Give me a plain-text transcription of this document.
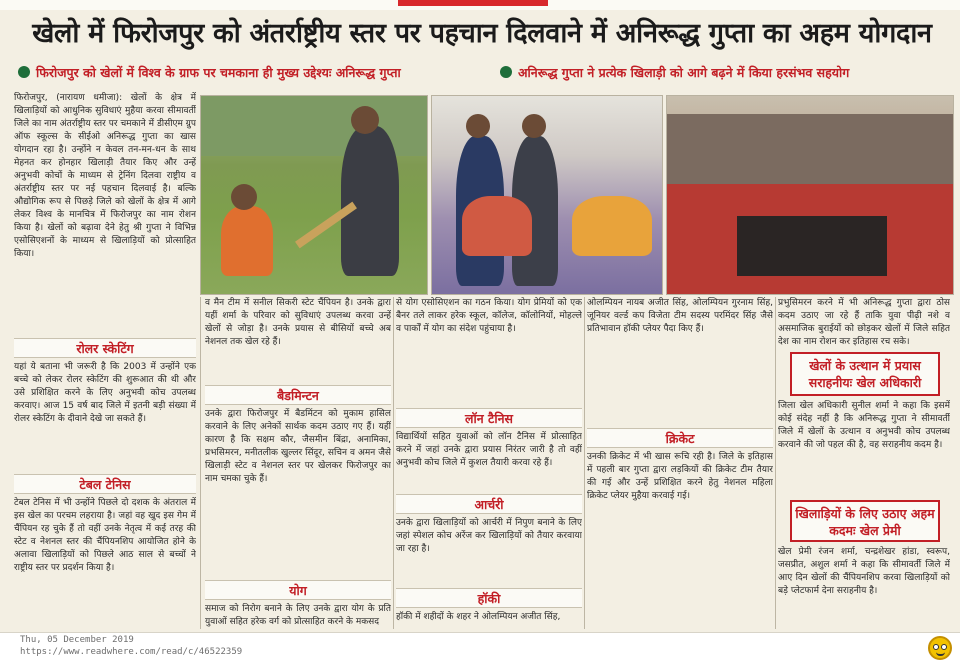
खेलो में फिरोजपुर को अंतर्राष्ट्रीय स्तर पर पहचान दिलवाने में अनिरूद्ध गुप्ता का अहम योगदान
फिरोजपुर को खेलों में विश्व के ग्राफ पर चमकाना ही मुख्य उद्देश्यः अनिरूद्ध गुप्ता	अनिरूद्ध गुप्ता ने प्रत्येक खिलाड़ी को आगे बढ़ने में किया हरसंभव सहयोग

फिरोजपुर, (नारायण धमीजा): खेलों के क्षेत्र में खिलाड़ियों को आधुनिक सुविधाएं मुहैया करवा सीमावर्ती जिले का नाम अंतर्राष्ट्रीय स्तर पर चमकाने में डीसीएम ग्रुप ऑफ स्कूल्स के सीईओ अनिरूद्ध गुप्ता का खास योगदान रहा है। उन्होंने न केवल तन-मन-धन के साथ मेहनत कर होनहार खिलाड़ी तैयार किए और उन्हें अनुभवी कोचों के माध्यम से ट्रेनिंग दिलवा राष्ट्रीय व अंतर्राष्ट्रीय स्तर पर नई पहचान दिलवाई है। बल्कि औद्योगिक रूप से पिछड़े जिले को खेलों के क्षेत्र में आगे लेकर विश्व के मानचित्र में फिरोजपुर का नाम रोशन किया है। खेलों को बढ़ावा देने हेतु श्री गुप्ता ने विभिन्न एसोसिएशनों के माध्यम से खिलाड़ियों को प्रोत्साहित किया।

रोलर स्केटिंग

यहां ये बताना भी जरूरी है कि 2003 में उन्होंने एक बच्चे को लेकर रोलर स्केटिंग की शुरूआत की थी और उसे प्रशिक्षित करने के लिए अनुभवी कोच उपलब्ध करवाए। आज 15 वर्ष बाद जिले में इतनी बड़ी संख्या में रोलर स्केटिंग के दीवाने देखे जा सकते हैं।

टेबल टेनिस

टेबल टेनिस में भी उन्होंने पिछले दो दशक के अंतराल में इस खेल का परचम लहराया है। जहां वह खुद इस गेम में चैंपियन रह चुके हैं तो वहीं उनके नेतृत्व में कई तरह की स्टेट व नेशनल स्तर की चैंपियनशिप आयोजित होने के अलावा खिलाड़ियों को पिछले आठ साल से बच्चों ने राष्ट्रीय स्तर पर प्रदर्शन किया है।

व मैन टीम में सनील सिकरी स्टेट चैंपियन है। उनके द्वारा यहीं शर्मा के परिवार को सुविधाएं उपलब्ध करवा उन्हें खेलों से जोड़ा है। उनके प्रयास से बीसियों बच्चे अब नेशनल तक खेल रहे हैं।

बैडमिन्टन

उनके द्वारा फिरोजपुर में बैडमिंटन को मुकाम हासिल करवाने के लिए अनेकों सार्थक कदम उठाए गए हैं। यहीं कारण है कि सक्षम कौर, जैसमीन बिंद्रा, अनामिका, प्रभसिमरन, मनीतलीक खुल्लर सिंदूर, सचिन व अमन जैसे खिलाड़ी स्टेट व नेशनल स्तर पर खेलकर फिरोजपुर का नाम चमका चुके हैं।

योग

समाज को निरोग बनाने के लिए उनके द्वारा योग के प्रति युवाओं सहित हरेक वर्ग को प्रोत्साहित करने के मकसद

से योग एसोसिएशन का गठन किया। योग प्रेमियों को एक बैनर तले लाकर हरेक स्कूल, कॉलेज, कॉलोनियों, मोहल्ले व पार्कों में योग का संदेश पहुंचाया है।

लॉन टैनिस

विद्यार्थियों सहित युवाओं को लॉन टैनिस में प्रोत्साहित करने में जहां उनके द्वारा प्रयास निरंतर जारी है तो वहीं अनुभवी कोच जिले में कुशल तैयारी करवा रहे हैं।

आर्चरी

उनके द्वारा खिलाड़ियों को आर्चरी में निपुण बनाने के लिए जहां स्पेशल कोच अरेंज कर खिलाड़ियों को तैयार करवाया जा रहा है।

हॉकी

हॉकी में शहीदों के शहर ने ओलम्पियन अजीत सिंह,

ओलम्पियन नायब अजीत सिंह, ओलम्पियन गुरनाम सिंह, जूनियर वर्ल्ड कप विजेता टीम सदस्य परमिंदर सिंह जैसे प्रतिभावान हॉकी प्लेयर पैदा किए हैं।

क्रिकेट

उनकी क्रिकेट में भी खास रूचि रही है। जिले के इतिहास में पहली बार गुप्ता द्वारा लड़कियों की क्रिकेट टीम तैयार की गई और उन्हें प्रशिक्षित करने हेतु नेशनल महिला क्रिकेट प्लेयर मुहैया करवाई गई।

प्रभुसिमरन करने में भी अनिरूद्ध गुप्ता द्वारा ठोस कदम उठाए जा रहे हैं ताकि युवा पीढ़ी नशे व असमाजिक बुराईयों को छोड़कर खेलों में जिले सहित देश का नाम रोशन कर इतिहास रच सके।

खेलों के उत्थान में प्रयास सराहनीयः खेल अधिकारी

जिला खेल अधिकारी सुनील शर्मा ने कहा कि इसमें कोई संदेह नहीं है कि अनिरूद्ध गुप्ता ने सीमावर्ती जिले में खेलों के उत्थान व अनुभवी कोच उपलब्ध करवाने की जो पहल की है, वह सराहनीय कदम है।

खिलाड़ियों के लिए उठाए अहम कदमः खेल प्रेमी

खेल प्रेमी रंजन शर्मा, चन्द्रशेखर हांडा, स्वरूप, जसप्रीत, अशुल शर्मा ने कहा कि सीमावर्ती जिले में आए दिन खेलों की चैंपियनशिप करवा खिलाड़ियों को बड़े प्लेटफार्म देना सराहनीय है।

Thu, 05 December 2019
https://www.readwhere.com/read/c/46522359
